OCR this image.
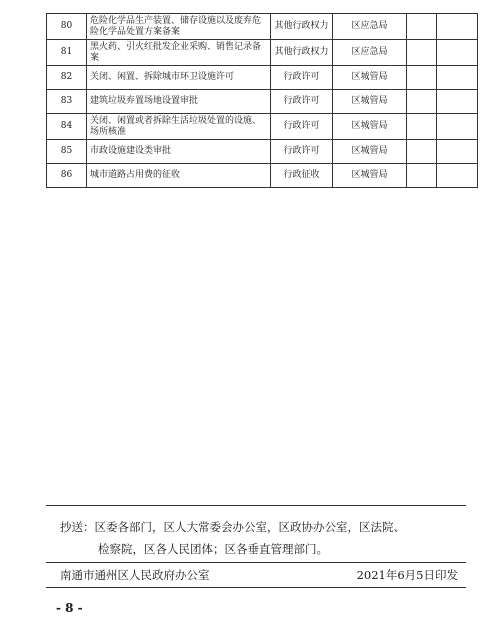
80	危险化学品生产装置、储存设施以及废弃危险化学品处置方案备案	其他行政权力	区应急局		
81	黑火药、引火红批发企业采购、销售记录备案	其他行政权力	区应急局		
82	关闭、闲置、拆除城市环卫设施许可	行政许可	区城管局		
83	建筑垃圾弃置场地设置审批	行政许可	区城管局		
84	关闭、闲置或者拆除生活垃圾处置的设施、场所核准	行政许可	区城管局		
85	市政设施建设类审批	行政许可	区城管局		
86	城市道路占用费的征收	行政征收	区城管局		
抄送：区委各部门，区人大常委会办公室，区政协办公室，区法院、
检察院，区各人民团体；区各垂直管理部门。
南通市通州区人民政府办公室	2021年6月5日印发
- 8 -
